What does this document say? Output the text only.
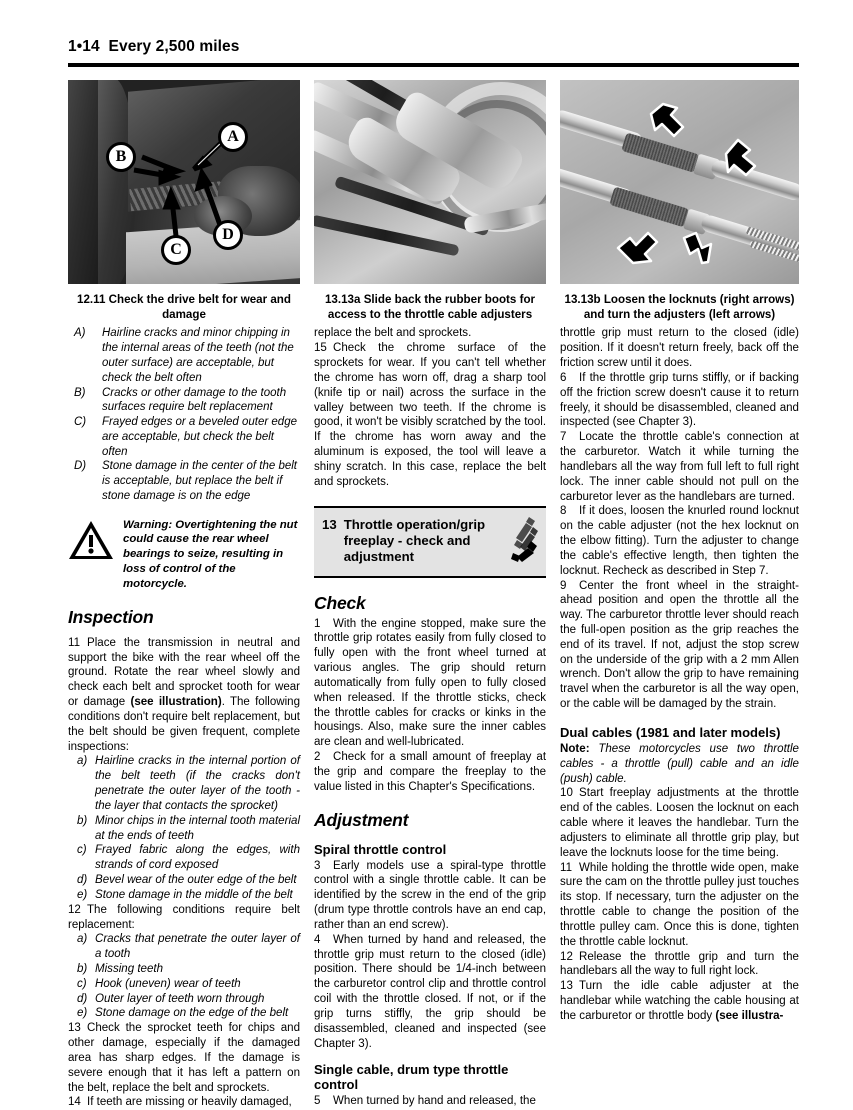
1•14 Every 2,500 miles
A
B
C
D
12.11 Check the drive belt for wear and damage
A) Hairline cracks and minor chipping in the internal areas of the teeth (not the outer surface) are acceptable, but check the belt often
B) Cracks or other damage to the tooth surfaces require belt replacement
C) Frayed edges or a beveled outer edge are acceptable, but check the belt often
D) Stone damage in the center of the belt is acceptable, but replace the belt if stone damage is on the edge
Warning: Overtightening the nut could cause the rear wheel bearings to seize, resulting in loss of control of the motorcycle.
Inspection

11 Place the transmission in neutral and support the bike with the rear wheel off the ground. Rotate the rear wheel slowly and check each belt and sprocket tooth for wear or damage (see illustration). The following conditions don't require belt replacement, but the belt should be given frequent, complete inspections:

a) Hairline cracks in the internal portion of the belt teeth (if the cracks don't penetrate the outer layer of the tooth - the layer that contacts the sprocket)
b) Minor chips in the internal tooth material at the ends of teeth
c) Frayed fabric along the edges, with strands of cord exposed
d) Bevel wear of the outer edge of the belt
e) Stone damage in the middle of the belt

12 The following conditions require belt replacement:

a) Cracks that penetrate the outer layer of a tooth
b) Missing teeth
c) Hook (uneven) wear of teeth
d) Outer layer of teeth worn through
e) Stone damage on the edge of the belt

13 Check the sprocket teeth for chips and other damage, especially if the damaged area has sharp edges. If the damage is severe enough that it has left a pattern on the belt, replace the belt and sprockets.

14 If teeth are missing or heavily damaged,

13.13a Slide back the rubber boots for access to the throttle cable adjusters

replace the belt and sprockets.

15 Check the chrome surface of the sprockets for wear. If you can't tell whether the chrome has worn off, drag a sharp tool (knife tip or nail) across the surface in the valley between two teeth. If the chrome is good, it won't be visibly scratched by the tool. If the chrome has worn away and the aluminum is exposed, the tool will leave a shiny scratch. In this case, replace the belt and sprockets.

13 Throttle operation/grip freeplay - check and adjustment
Check

1 With the engine stopped, make sure the throttle grip rotates easily from fully closed to fully open with the front wheel turned at various angles. The grip should return automatically from fully open to fully closed when released. If the throttle sticks, check the throttle cables for cracks or kinks in the housings. Also, make sure the inner cables are clean and well-lubricated.

2 Check for a small amount of freeplay at the grip and compare the freeplay to the value listed in this Chapter's Specifications.

Adjustment
Spiral throttle control

3 Early models use a spiral-type throttle control with a single throttle cable. It can be identified by the screw in the end of the grip (drum type throttle controls have an end cap, rather than an end screw).

4 When turned by hand and released, the throttle grip must return to the closed (idle) position. There should be 1/4-inch between the carburetor control clip and throttle control coil with the throttle closed. If not, or if the grip turns stiffly, the grip should be disassembled, cleaned and inspected (see Chapter 3).

Single cable, drum type throttle control

5 When turned by hand and released, the

13.13b Loosen the locknuts (right arrows) and turn the adjusters (left arrows)

throttle grip must return to the closed (idle) position. If it doesn't return freely, back off the friction screw until it does.

6 If the throttle grip turns stiffly, or if backing off the friction screw doesn't cause it to return freely, it should be disassembled, cleaned and inspected (see Chapter 3).

7 Locate the throttle cable's connection at the carburetor. Watch it while turning the handlebars all the way from full left to full right lock. The inner cable should not pull on the carburetor lever as the handlebars are turned.

8 If it does, loosen the knurled round locknut on the cable adjuster (not the hex locknut on the elbow fitting). Turn the adjuster to change the cable's effective length, then tighten the locknut. Recheck as described in Step 7.

9 Center the front wheel in the straight-ahead position and open the throttle all the way. The carburetor throttle lever should reach the full-open position as the grip reaches the end of its travel. If not, adjust the stop screw on the underside of the grip with a 2 mm Allen wrench. Don't allow the grip to have remaining travel when the carburetor is all the way open, or the cable will be damaged by the strain.

Dual cables (1981 and later models)

Note: These motorcycles use two throttle cables - a throttle (pull) cable and an idle (push) cable.

10 Start freeplay adjustments at the throttle end of the cables. Loosen the locknut on each cable where it leaves the handlebar. Turn the adjusters to eliminate all throttle grip play, but leave the locknuts loose for the time being.

11 While holding the throttle wide open, make sure the cam on the throttle pulley just touches its stop. If necessary, turn the adjuster on the throttle cable to change the position of the throttle pulley cam. Once this is done, tighten the throttle cable locknut.

12 Release the throttle grip and turn the handlebars all the way to full right lock.

13 Turn the idle cable adjuster at the handlebar while watching the cable housing at the carburetor or throttle body (see illustra-
